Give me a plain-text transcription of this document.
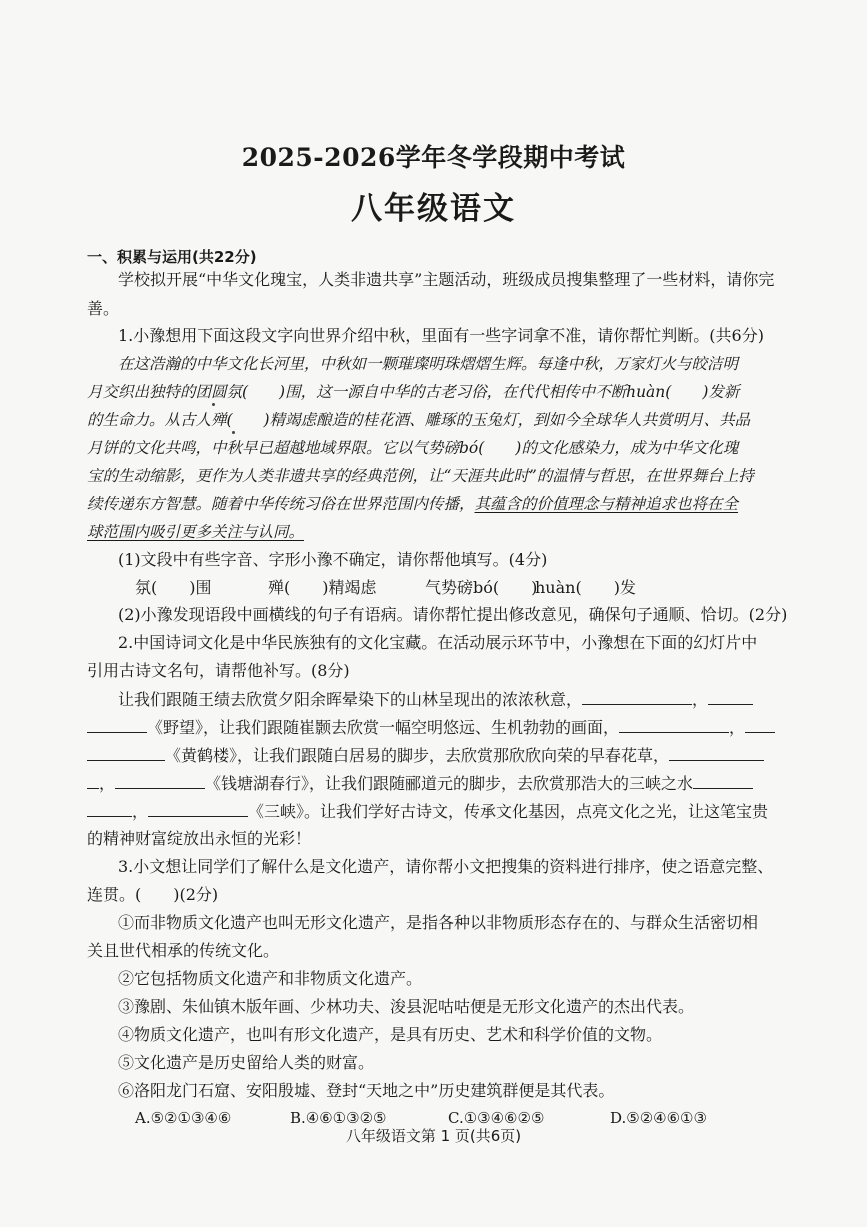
2025-2026学年冬学段期中考试
八年级语文
一、积累与运用(共22分)
学校拟开展“中华文化瑰宝，人类非遗共享”主题活动，班级成员搜集整理了一些材料，请你完
善。
1.小豫想用下面这段文字向世界介绍中秋，里面有一些字词拿不准，请你帮忙判断。(共6分)
在这浩瀚的中华文化长河里，中秋如一颗璀璨明珠熠熠生辉。每逢中秋，万家灯火与皎洁明
月交织出独特的团圆氛(　　)围，这一源自中华的古老习俗，在代代相传中不断huàn(　　)发新
的生命力。从古人殚(　　)精竭虑酿造的桂花酒、雕琢的玉兔灯，到如今全球华人共赏明月、共品
月饼的文化共鸣，中秋早已超越地域界限。它以气势磅bó(　　)的文化感染力，成为中华文化瑰
宝的生动缩影，更作为人类非遗共享的经典范例，让“天涯共此时”的温情与哲思，在世界舞台上持
续传递东方智慧。随着中华传统习俗在世界范围内传播，其蕴含的价值理念与精神追求也将在全
球范围内吸引更多关注与认同。
(1)文段中有些字音、字形小豫不确定，请你帮他填写。(4分)
氛(　　)围	殚(　　)精竭虑	气势磅bó(　　)
huàn(　　)发
(2)小豫发现语段中画横线的句子有语病。请你帮忙提出修改意见，确保句子通顺、恰切。(2分)
2.中国诗词文化是中华民族独有的文化宝藏。在活动展示环节中，小豫想在下面的幻灯片中
引用古诗文名句，请帮他补写。(8分)
让我们跟随王绩去欣赏夕阳余晖晕染下的山林呈现出的浓浓秋意，	，
《野望》，让我们跟随崔颢去欣赏一幅空明悠远、生机勃勃的画面，	，
《黄鹤楼》，让我们跟随白居易的脚步，去欣赏那欣欣向荣的早春花草，
，	《钱塘湖春行》，让我们跟随郦道元的脚步，去欣赏那浩大的三峡之水
，	《三峡》。让我们学好古诗文，传承文化基因，点亮文化之光，让这笔宝贵
的精神财富绽放出永恒的光彩！
3.小文想让同学们了解什么是文化遗产，请你帮小文把搜集的资料进行排序，使之语意完整、
连贯。(　　)(2分)
①而非物质文化遗产也叫无形文化遗产，是指各种以非物质形态存在的、与群众生活密切相
关且世代相承的传统文化。
②它包括物质文化遗产和非物质文化遗产。
③豫剧、朱仙镇木版年画、少林功夫、浚县泥咕咕便是无形文化遗产的杰出代表。
④物质文化遗产，也叫有形文化遗产，是具有历史、艺术和科学价值的文物。
⑤文化遗产是历史留给人类的财富。
⑥洛阳龙门石窟、安阳殷墟、登封“天地之中”历史建筑群便是其代表。
A.⑤②①③④⑥	B.④⑥①③②⑤	C.①③④⑥②⑤	D.⑤②④⑥①③
八年级语文第 1 页(共6页)
